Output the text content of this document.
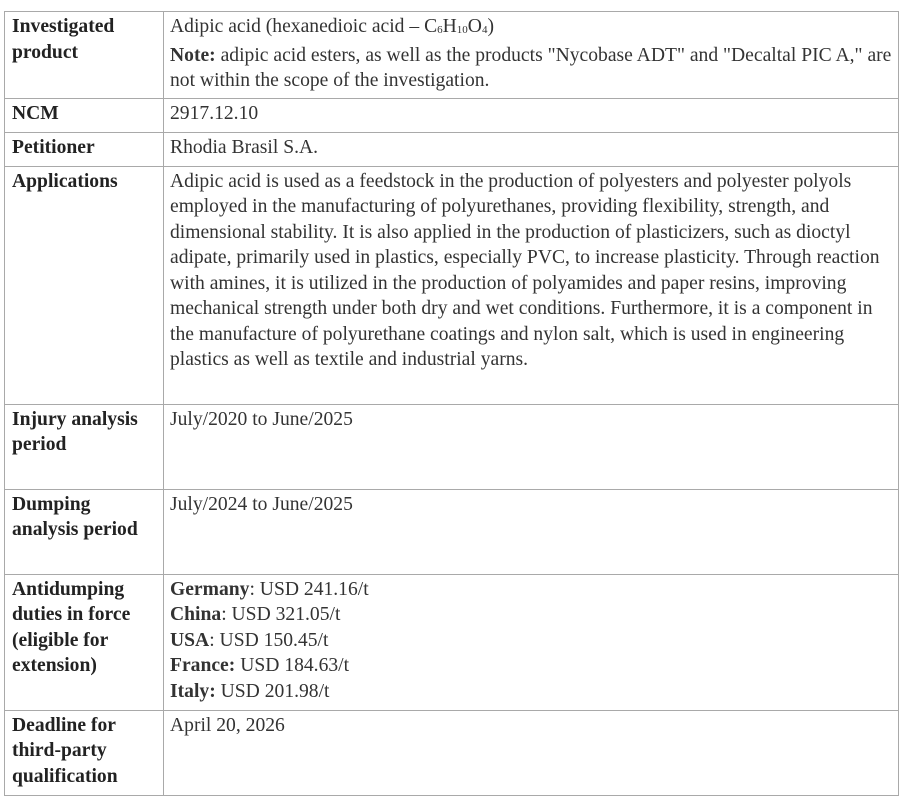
Investigated product	Adipic acid (hexanedioic acid – $C_6H_{10}O_4$)
Note: adipic acid esters, as well as the products "Nycobase ADT" and "Decaltal PIC A," are not within the scope of the investigation.

NCM	2917.12.10
Petitioner	Rhodia Brasil S.A.
Applications	Adipic acid is used as a feedstock in the production of polyesters and polyester polyols employed in the manufacturing of polyurethanes, providing flexibility, strength, and dimensional stability. It is also applied in the production of plasticizers, such as dioctyl adipate, primarily used in plastics, especially PVC, to increase plasticity. Through reaction with amines, it is utilized in the production of polyamides and paper resins, improving mechanical strength under both dry and wet conditions. Furthermore, it is a component in the manufacture of polyurethane coatings and nylon salt, which is used in engineering plastics as well as textile and industrial yarns.
Injury analysis period	July/2020 to June/2025
Dumping analysis period	July/2024 to June/2025
Antidumping duties in force (eligible for extension)	Germany: USD 241.16/t
China: USD 321.05/t
USA: USD 150.45/t
France: USD 184.63/t
Italy: USD 201.98/t

Deadline for third-party qualification	April 20, 2026
